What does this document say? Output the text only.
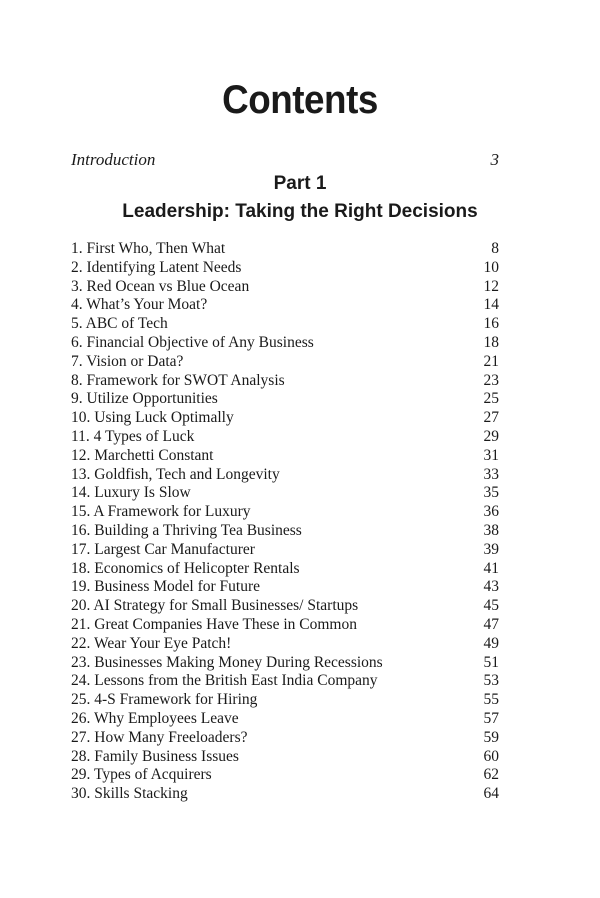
Contents
Introduction	3
Part 1
Leadership: Taking the Right Decisions
1. First Who, Then What	8
2. Identifying Latent Needs	10
3. Red Ocean vs Blue Ocean	12
4. What’s Your Moat?	14
5. ABC of Tech	16
6. Financial Objective of Any Business	18
7. Vision or Data?	21
8. Framework for SWOT Analysis	23
9. Utilize Opportunities	25
10. Using Luck Optimally	27
11. 4 Types of Luck	29
12. Marchetti Constant	31
13. Goldfish, Tech and Longevity	33
14. Luxury Is Slow	35
15. A Framework for Luxury	36
16. Building a Thriving Tea Business	38
17. Largest Car Manufacturer	39
18. Economics of Helicopter Rentals	41
19. Business Model for Future	43
20. AI Strategy for Small Businesses/ Startups	45
21. Great Companies Have These in Common	47
22. Wear Your Eye Patch!	49
23. Businesses Making Money During Recessions	51
24. Lessons from the British East India Company	53
25. 4-S Framework for Hiring	55
26. Why Employees Leave	57
27. How Many Freeloaders?	59
28. Family Business Issues	60
29. Types of Acquirers	62
30. Skills Stacking	64
